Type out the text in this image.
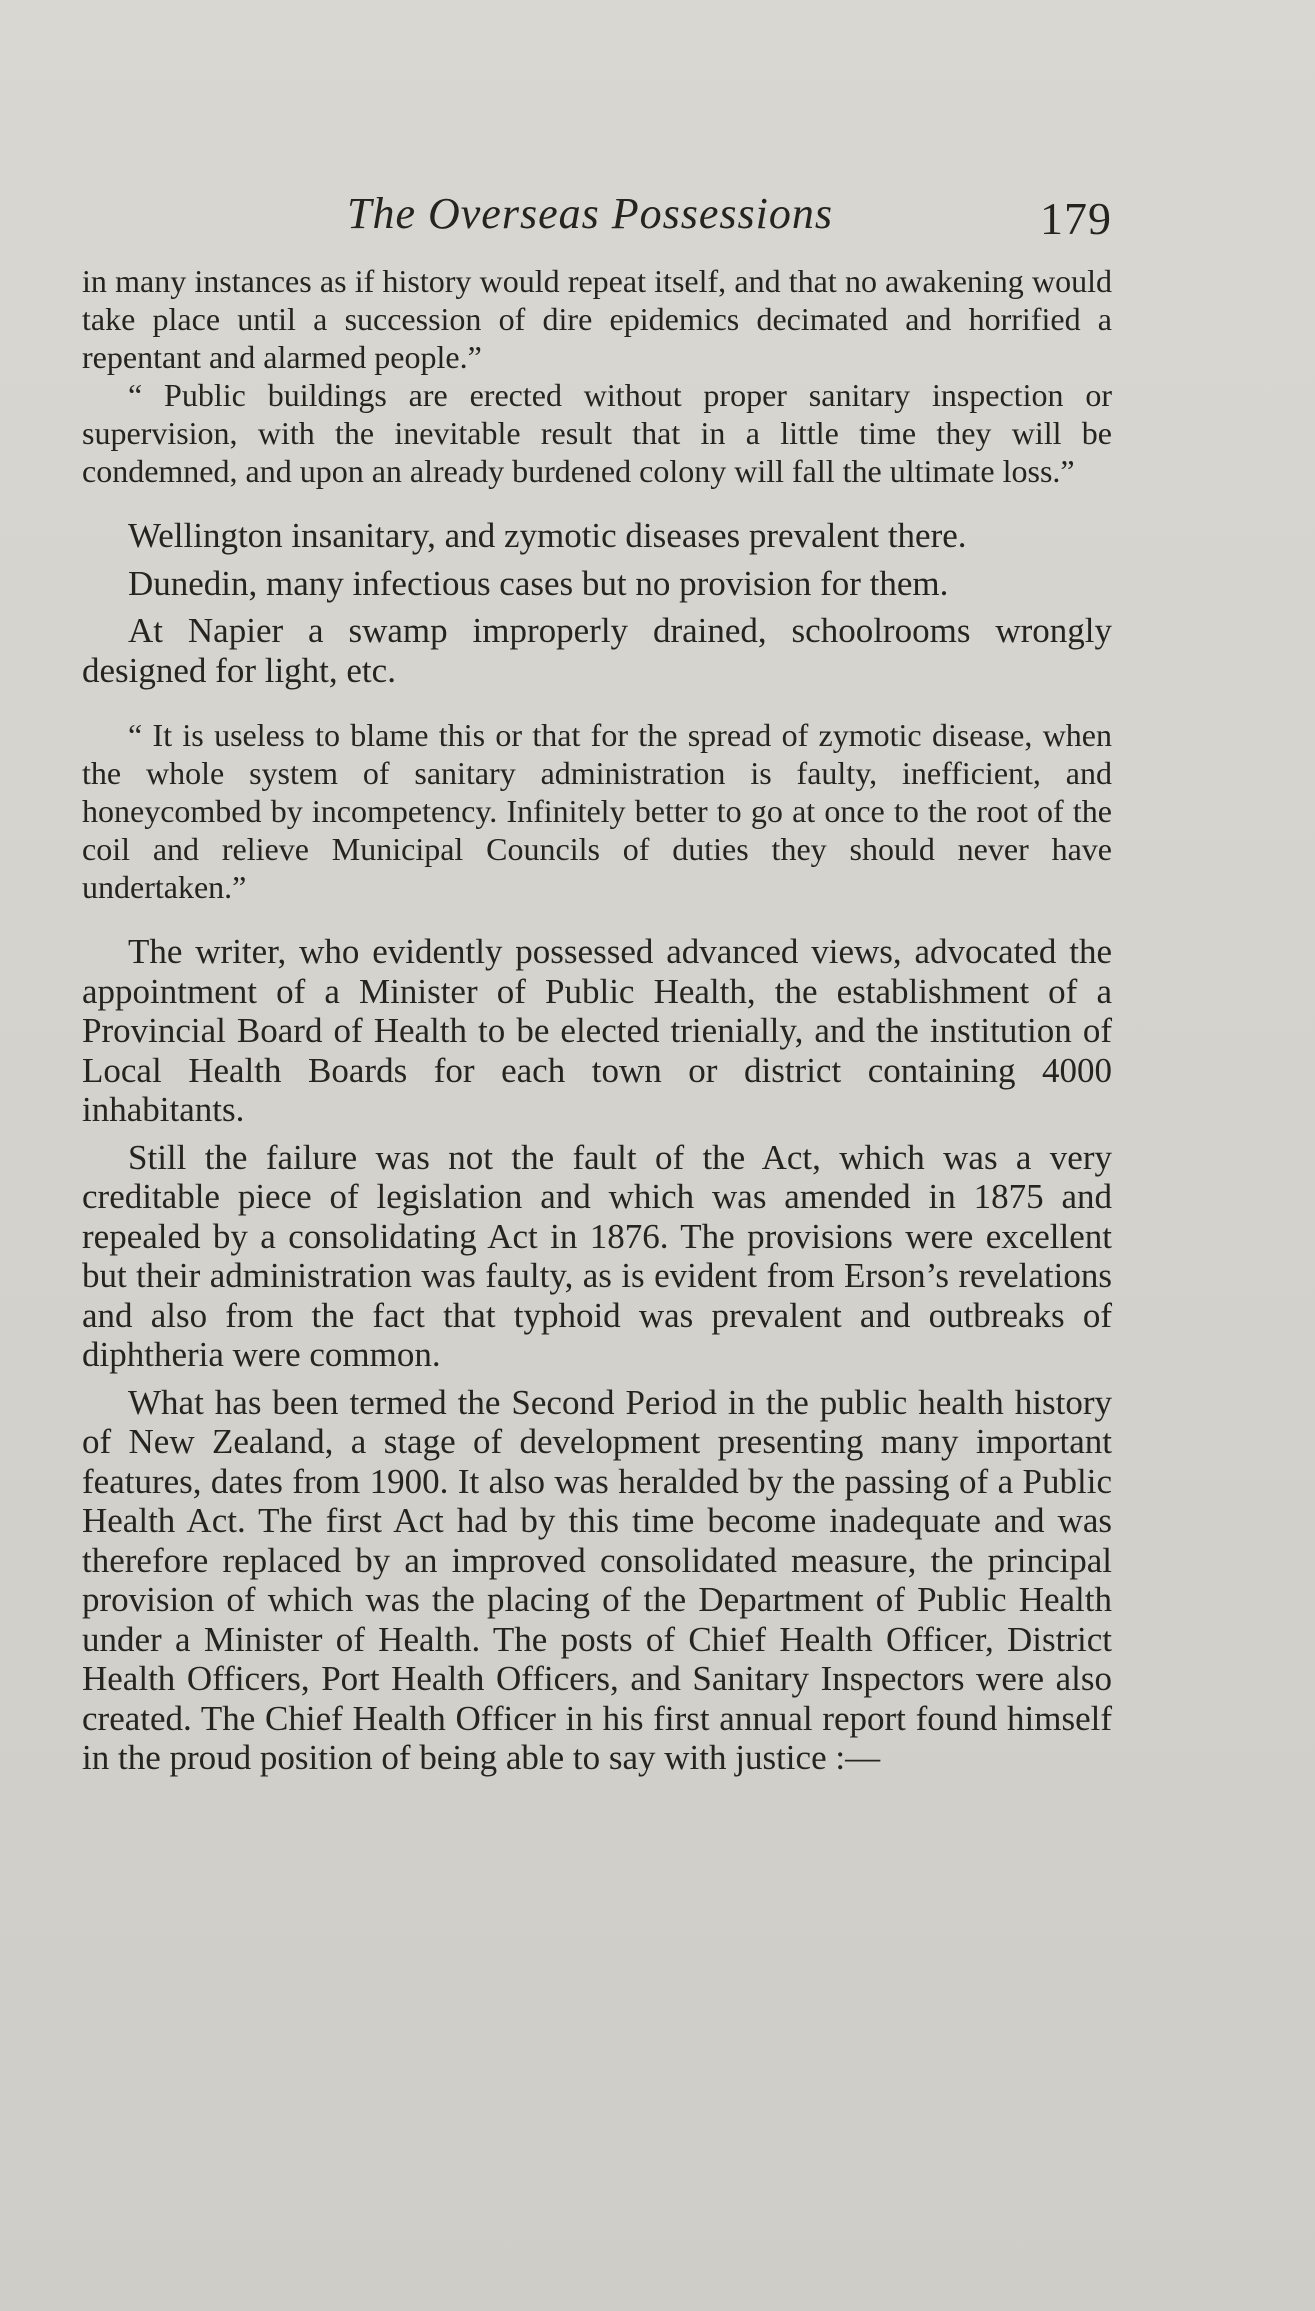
The Overseas Possessions	179

in many instances as if history would repeat itself, and that no awakening would take place until a succession of dire epidemics decimated and horrified a repentant and alarmed people.”

“ Public buildings are erected without proper sanitary inspection or supervision, with the inevitable result that in a little time they will be condemned, and upon an already burdened colony will fall the ultimate loss.”

Wellington insanitary, and zymotic diseases prevalent there.

Dunedin, many infectious cases but no provision for them.

At Napier a swamp improperly drained, schoolrooms wrongly designed for light, etc.

“ It is useless to blame this or that for the spread of zymotic disease, when the whole system of sanitary administration is faulty, inefficient, and honeycombed by incompetency. Infinitely better to go at once to the root of the coil and relieve Municipal Councils of duties they should never have undertaken.”

The writer, who evidently possessed advanced views, advocated the appointment of a Minister of Public Health, the establishment of a Provincial Board of Health to be elected trienially, and the institution of Local Health Boards for each town or district containing 4000 inhabitants.

Still the failure was not the fault of the Act, which was a very creditable piece of legislation and which was amended in 1875 and repealed by a consolidating Act in 1876. The provisions were excellent but their administration was faulty, as is evident from Erson’s revelations and also from the fact that typhoid was prevalent and outbreaks of diphtheria were common.

What has been termed the Second Period in the public health history of New Zealand, a stage of development presenting many important features, dates from 1900. It also was heralded by the passing of a Public Health Act. The first Act had by this time become inadequate and was therefore replaced by an improved consolidated measure, the principal provision of which was the placing of the Department of Public Health under a Minister of Health. The posts of Chief Health Officer, District Health Officers, Port Health Officers, and Sanitary Inspectors were also created. The Chief Health Officer in his first annual report found himself in the proud position of being able to say with justice :—
